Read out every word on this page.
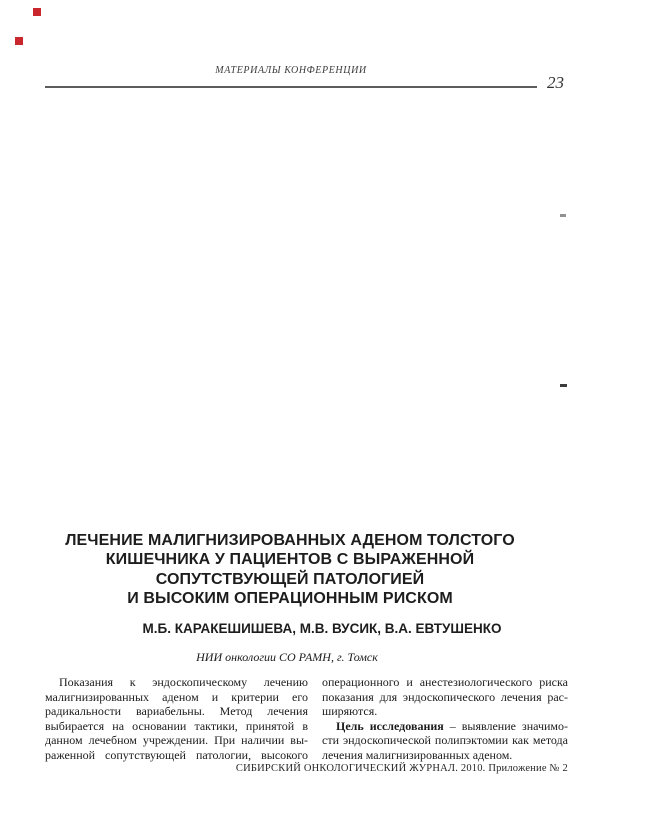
МАТЕРИАЛЫ КОНФЕРЕНЦИИ
23
ЛЕЧЕНИЕ МАЛИГНИЗИРОВАННЫХ АДЕНОМ ТОЛСТОГО
КИШЕЧНИКА У ПАЦИЕНТОВ С ВЫРАЖЕННОЙ
СОПУТСТВУЮЩЕЙ ПАТОЛОГИЕЙ
И ВЫСОКИМ ОПЕРАЦИОННЫМ РИСКОМ
М.Б. КАРАКЕШИШЕВА, М.В. ВУСИК, В.А. ЕВТУШЕНКО
НИИ онкологии СО РАМН, г. Томск
Показания к эндоскопическому лечению
малигнизированных аденом и критерии его
радикальности вариабельны. Метод лечения
выбирается на основании тактики, принятой в
данном лечебном учреждении. При наличии вы-
раженной сопутствующей патологии, высокого
операционного и анестезиологического риска
показания для эндоскопического лечения рас-
ширяются.
Цель исследования – выявление значимо-
сти эндоскопической полипэктомии как метода
лечения малигнизированных аденом.
СИБИРСКИЙ ОНКОЛОГИЧЕСКИЙ ЖУРНАЛ. 2010. Приложение № 2
